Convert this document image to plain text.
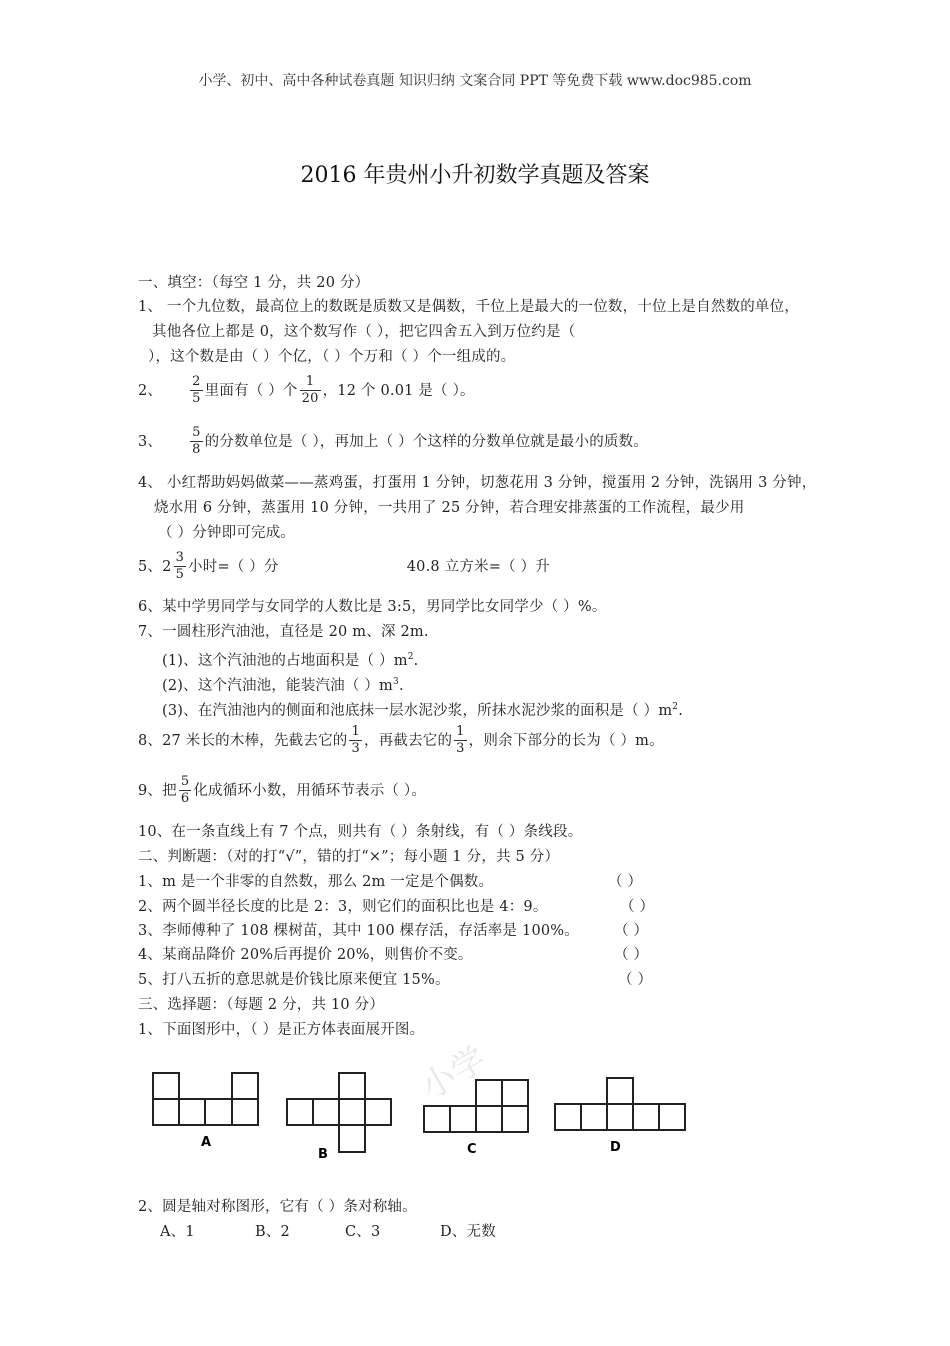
小学、初中、高中各种试卷真题 知识归纳 文案合同 PPT 等免费下载 www.doc985.com
2016 年贵州小升初数学真题及答案
一、填空：（每空 1 分，共 20 分）
1、 一个九位数，最高位上的数既是质数又是偶数，千位上是最大的一位数，十位上是自然数的单位，
其他各位上都是 0，这个数写作（ ），把它四舍五入到万位约是（
），这个数是由（ ）个亿，（ ）个万和（ ）个一组成的。
2、 $\frac{2}{5}$ 里面有（ ）个 $\frac{1}{20}$ ，12 个 0.01 是（ ）。
3、 $\frac{5}{8}$ 的分数单位是（ ），再加上（ ）个这样的分数单位就是最小的质数。
4、 小红帮助妈妈做菜——蒸鸡蛋，打蛋用 1 分钟，切葱花用 3 分钟，搅蛋用 2 分钟，洗锅用 3 分钟，
烧水用 6 分钟，蒸蛋用 10 分钟，一共用了 25 分钟，若合理安排蒸蛋的工作流程，最少用
（ ）分钟即可完成。
5、$2 \frac{3}{5}$ 小时=（ ）分	40.8 立方米=（ ）升
6、某中学男同学与女同学的人数比是 3:5，男同学比女同学少（ ）%。
7、一圆柱形汽油池，直径是 20 m、深 2m.
(1)、这个汽油池的占地面积是（ ）$m^2$.
(2)、这个汽油池，能装汽油（ ）$m^3$.
(3)、在汽油池内的侧面和池底抹一层水泥沙浆，所抹水泥沙浆的面积是（ ）$m^2$.
8、27 米长的木棒，先截去它的 $\frac{1}{3}$ ，再截去它的 $\frac{1}{3}$ ，则余下部分的长为（ ）m。
9、把 $\frac{5}{6}$ 化成循环小数，用循环节表示（ ）。
10、在一条直线上有 7 个点，则共有（ ）条射线，有（ ）条线段。
二、判断题：（对的打“√”，错的打“×”；每小题 1 分，共 5 分）
1、m 是一个非零的自然数，那么 2m 一定是个偶数。	（ ）
2、两个圆半径长度的比是 2：3，则它们的面积比也是 4：9。	（ ）
3、李师傅种了 108 棵树苗，其中 100 棵存活，存活率是 100%。 （ ）
4、某商品降价 20%后再提价 20%，则售价不变。	（ ）
5、打八五折的意思就是价钱比原来便宜 15%。	（ ）
三、选择题：（每题 2 分，共 10 分）
1、下面图形中，（ ）是正方体表面展开图。
小学
A
B	C	D
2、圆是轴对称图形，它有（ ）条对称轴。
A、1	B、2	C、3	D、无数
